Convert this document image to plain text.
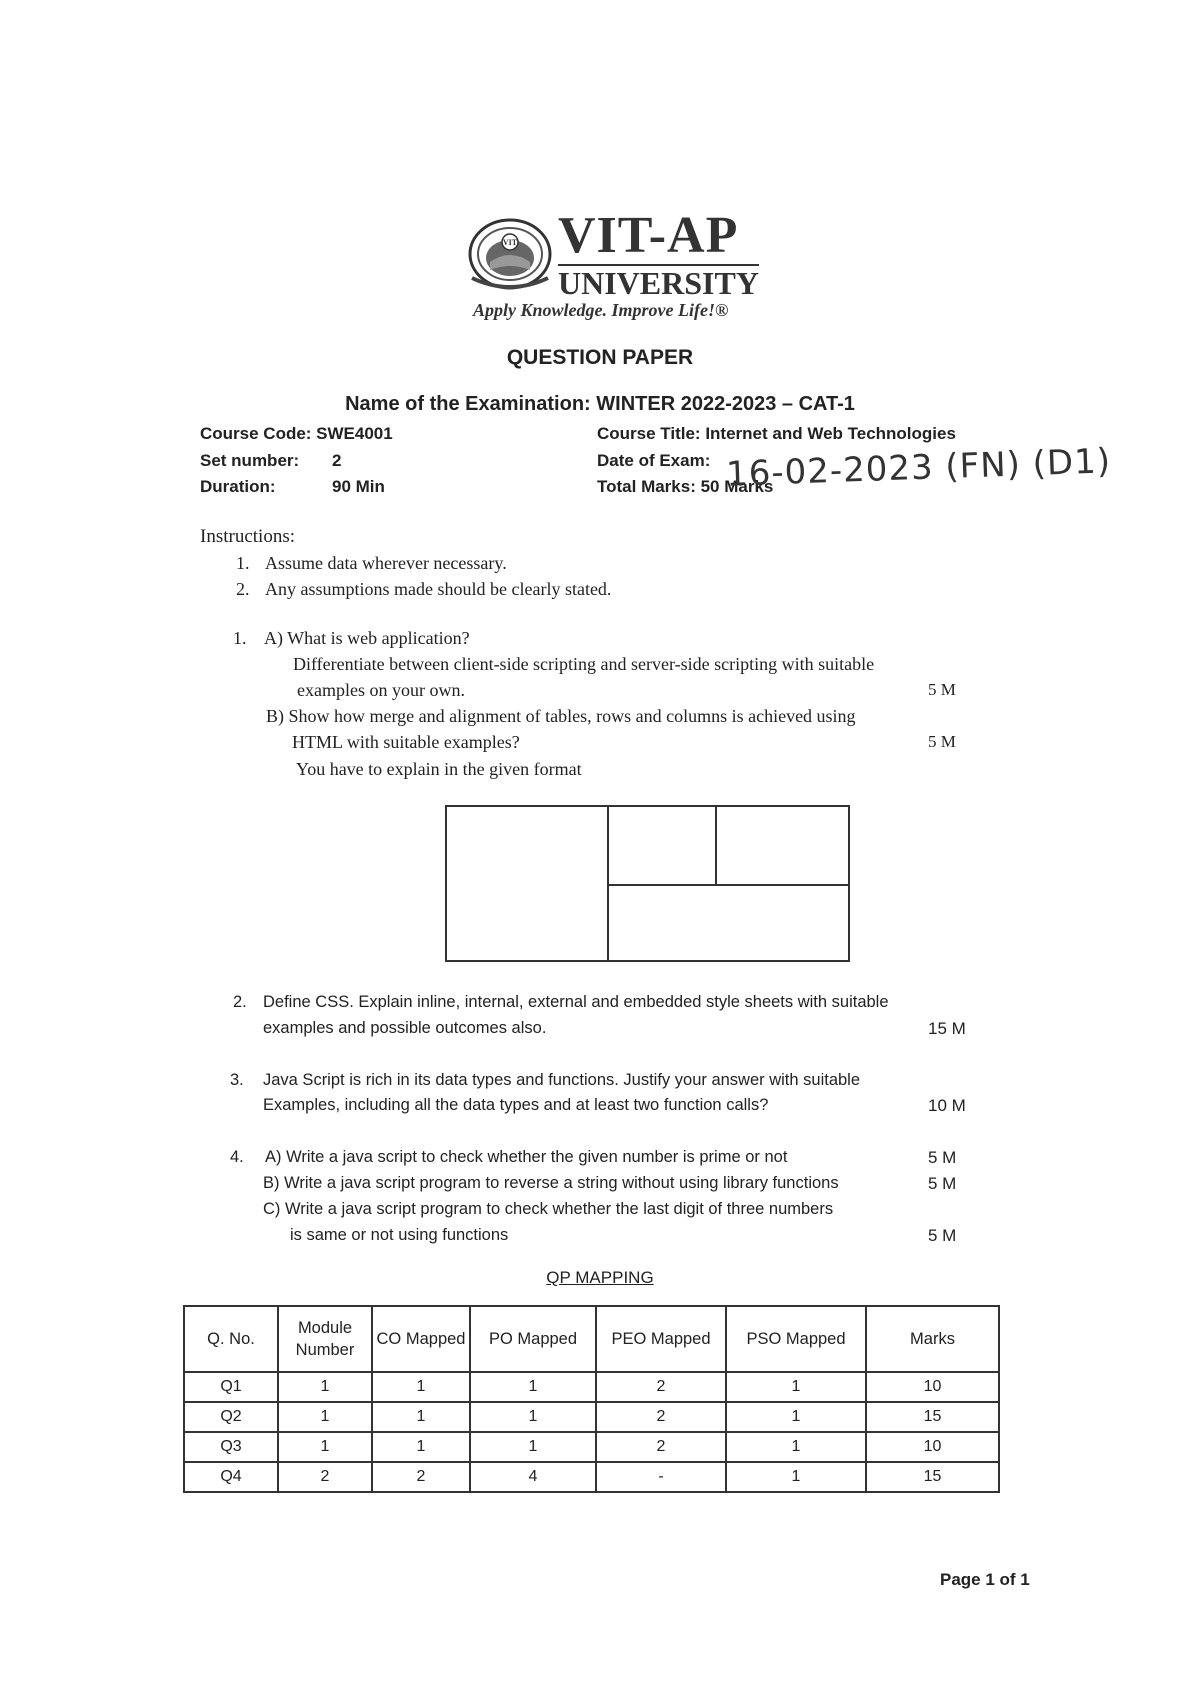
VIT VIT-AP
UNIVERSITY
Apply Knowledge. Improve Life!®
QUESTION PAPER
Name of the Examination: WINTER 2022-2023 – CAT-1
Course Code: SWE4001
Set number: 2
Duration:	90 Min
Course Title: Internet and Web Technologies
Date of Exam:
Total Marks: 50 Marks
16-02-2023 (FN) (D1)
Instructions:
1. Assume data wherever necessary.
2. Any assumptions made should be clearly stated.
1. A) What is web application?
Differentiate between client-side scripting and server-side scripting with suitable
examples on your own.	5 M
B) Show how merge and alignment of tables, rows and columns is achieved using
HTML with suitable examples?	5 M
You have to explain in the given format
2. Define CSS. Explain inline, internal, external and embedded style sheets with suitable
examples and possible outcomes also.	15 M
3. Java Script is rich in its data types and functions. Justify your answer with suitable
Examples, including all the data types and at least two function calls?	10 M
4. A) Write a java script to check whether the given number is prime or not	5 M
B) Write a java script program to reverse a string without using library functions	5 M
C) Write a java script program to check whether the last digit of three numbers
is same or not using functions	5 M
QP MAPPING
Q. No.	Module Number	CO Mapped	PO Mapped	PEO Mapped	PSO Mapped	Marks
Q1	1	1	1	2	1	10
Q2	1	1	1	2	1	15
Q3	1	1	1	2	1	10
Q4	2	2	4	-	1	15
Page 1 of 1
